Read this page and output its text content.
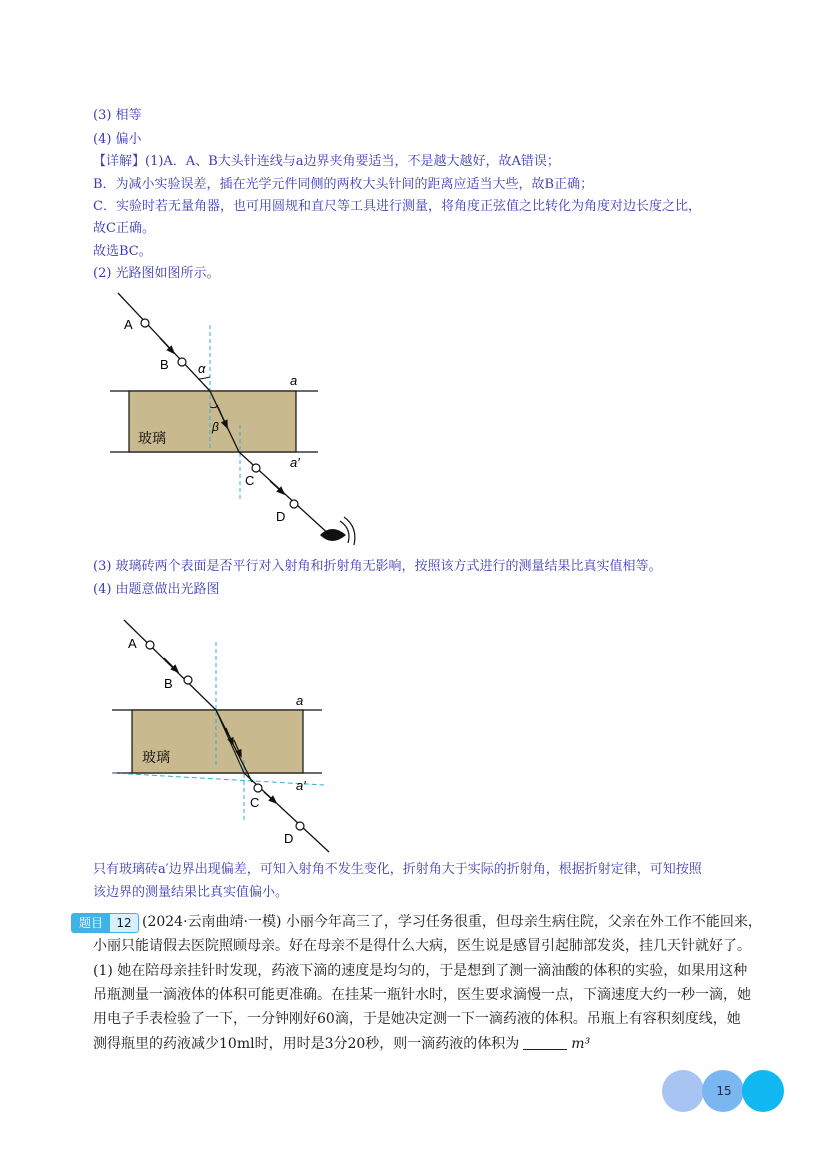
(3) 相等
(4) 偏小
【详解】(1)A．A、B大头针连线与a边界夹角要适当，不是越大越好，故A错误；
B．为减小实验误差，插在光学元件同侧的两枚大头针间的距离应适当大些，故B正确；
C．实验时若无量角器，也可用圆规和直尺等工具进行测量，将角度正弦值之比转化为角度对边长度之比，
故C正确。
故选BC。
(2) 光路图如图所示。
A
B
C
D
α
β
a
a′
玻璃
(3) 玻璃砖两个表面是否平行对入射角和折射角无影响，按照该方式进行的测量结果比真实值相等。
(4) 由题意做出光路图
A
B
C
D
a
a′
玻璃
只有玻璃砖a′边界出现偏差，可知入射角不发生变化，折射角大于实际的折射角，根据折射定律，可知按照
该边界的测量结果比真实值偏小。
题目	12 (2024·云南曲靖·一模) 小丽今年高三了，学习任务很重，但母亲生病住院，父亲在外工作不能回来，
小丽只能请假去医院照顾母亲。好在母亲不是得什么大病，医生说是感冒引起肺部发炎，挂几天针就好了。
(1) 她在陪母亲挂针时发现，药液下滴的速度是均匀的，于是想到了测一滴油酸的体积的实验，如果用这种
吊瓶测量一滴液体的体积可能更准确。在挂某一瓶针水时，医生要求滴慢一点，下滴速度大约一秒一滴，她
用电子手表检验了一下，一分钟刚好60滴，于是她决定测一下一滴药液的体积。吊瓶上有容积刻度线，她
测得瓶里的药液减少10ml时，用时是3分20秒，则一滴药液的体积为	m³
15
